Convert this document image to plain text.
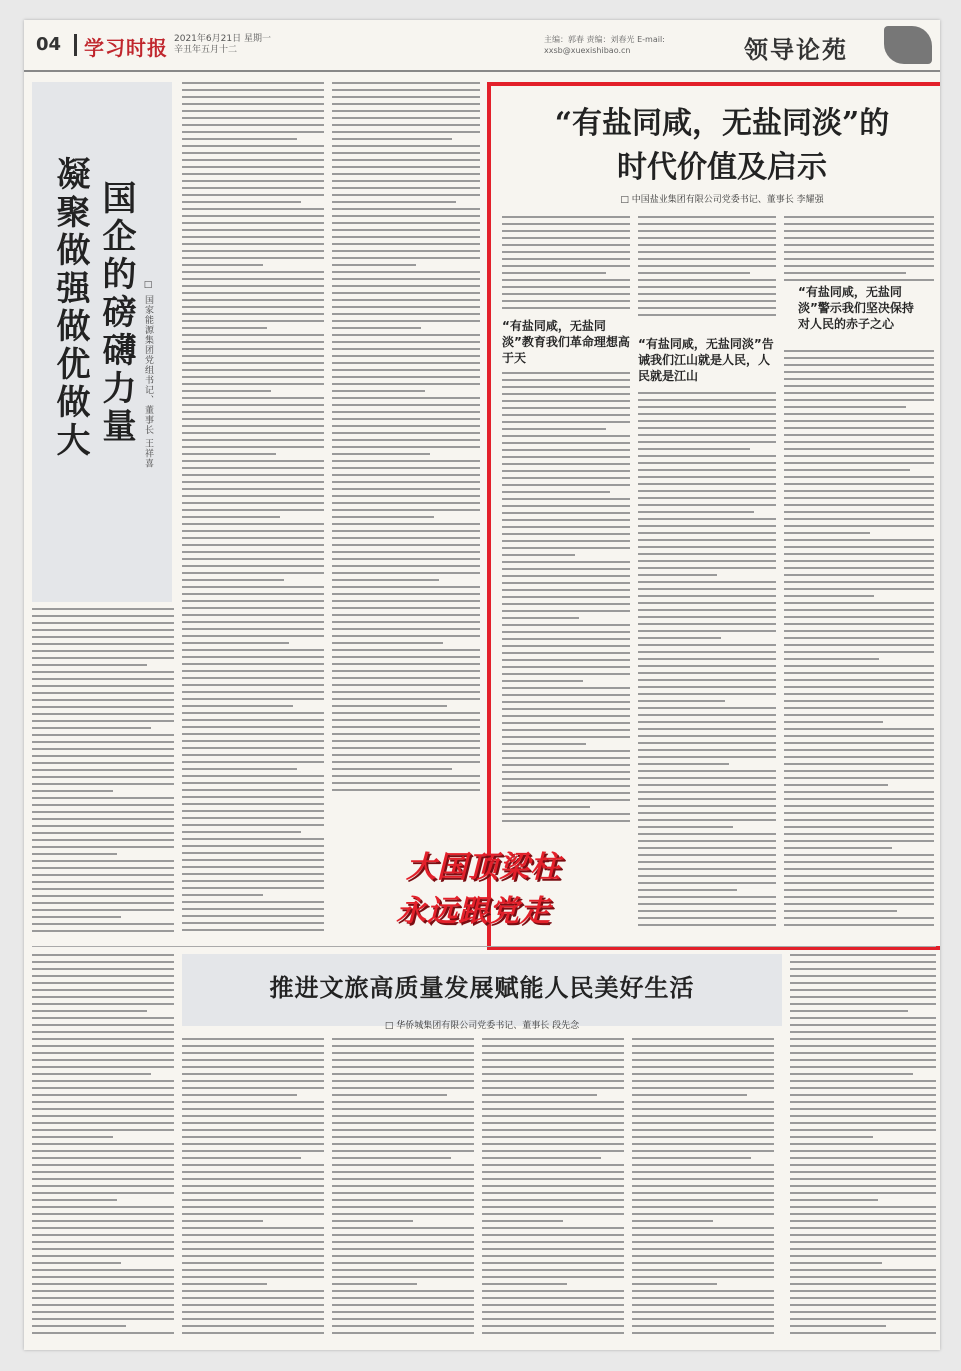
04 学习时报 2021年6月21日 星期一
辛丑年五月十二
主编：郭春 责编：刘春光 E-mail: xxsb@xuexishibao.cn	领导论苑
国企的磅礴力量
凝聚做强做优做大	□ 国家能源集团党组书记、董事长 王祥喜
“有盐同咸，无盐同淡”的
时代价值及启示
□ 中国盐业集团有限公司党委书记、董事长 李耀强
“有盐同咸，无盐同淡”教育我们革命理想高于天
“有盐同咸，无盐同淡”告诫我们江山就是人民，人民就是江山
“有盐同咸，无盐同淡”警示我们坚决保持对人民的赤子之心
大国顶梁柱
永远跟党走
推进文旅高质量发展赋能人民美好生活
□ 华侨城集团有限公司党委书记、董事长 段先念
